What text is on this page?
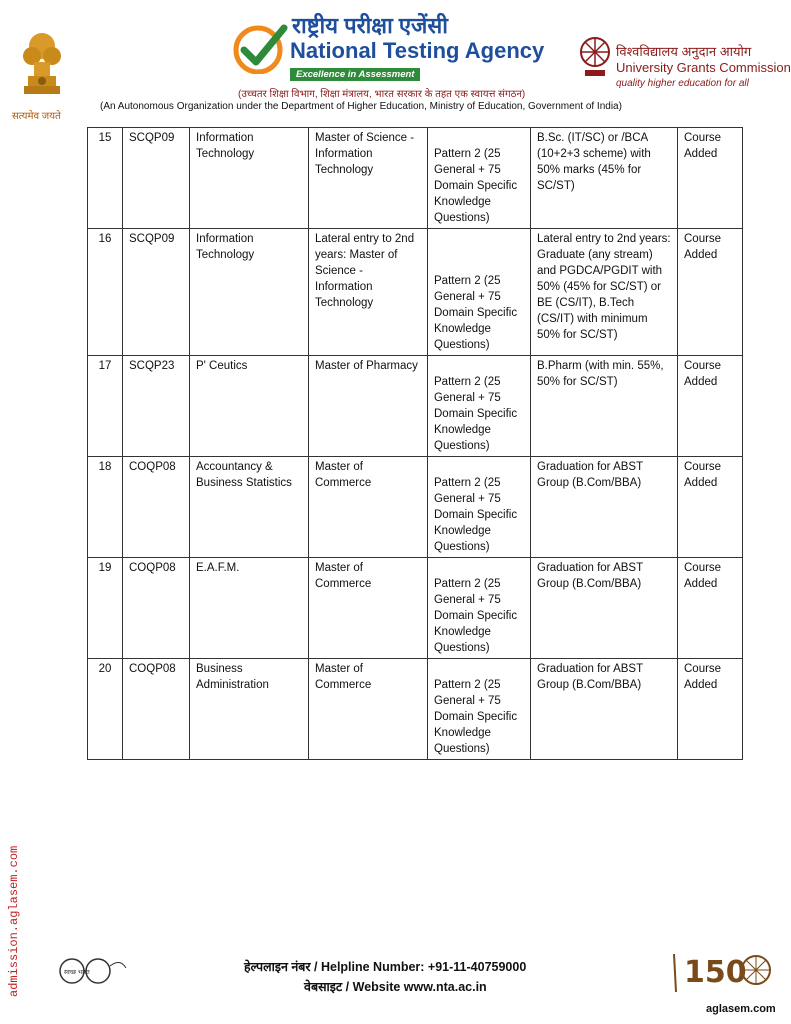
सत्यमेव जयते
राष्ट्रीय परीक्षा एजेंसी
National Testing Agency
Excellence in Assessment
विश्वविद्यालय अनुदान आयोग
University Grants Commission
quality higher education for all
(उच्चतर शिक्षा विभाग, शिक्षा मंत्रालय, भारत सरकार के तहत एक स्वायत्त संगठन)
(An Autonomous Organization under the Department of Higher Education, Ministry of Education, Government of India)
15	SCQP09	Information Technology	Master of Science - Information Technology	Pattern 2 (25 General + 75 Domain Specific Knowledge Questions)	B.Sc. (IT/SC) or /BCA (10+2+3 scheme) with 50% marks (45% for SC/ST)	Course Added
16	SCQP09	Information Technology	Lateral entry to 2nd years: Master of Science - Information Technology	Pattern 2 (25 General + 75 Domain Specific Knowledge Questions)	Lateral entry to 2nd years: Graduate (any stream) and PGDCA/PGDIT with 50% (45% for SC/ST) or BE (CS/IT), B.Tech (CS/IT) with minimum 50% for SC/ST)	Course Added
17	SCQP23	P' Ceutics	Master of Pharmacy	Pattern 2 (25 General + 75 Domain Specific Knowledge Questions)	B.Pharm (with min. 55%, 50% for SC/ST)	Course Added
18	COQP08	Accountancy & Business Statistics	Master of Commerce	Pattern 2 (25 General + 75 Domain Specific Knowledge Questions)	Graduation for ABST Group (B.Com/BBA)	Course Added
19	COQP08	E.A.F.M.	Master of Commerce	Pattern 2 (25 General + 75 Domain Specific Knowledge Questions)	Graduation for ABST Group (B.Com/BBA)	Course Added
20	COQP08	Business Administration	Master of Commerce	Pattern 2 (25 General + 75 Domain Specific Knowledge Questions)	Graduation for ABST Group (B.Com/BBA)	Course Added
admission.aglasem.com	स्वच्छ भारत	हेल्पलाइन नंबर / Helpline Number: +91-11-40759000
वेबसाइट / Website www.nta.ac.in	150
aglasem.com
